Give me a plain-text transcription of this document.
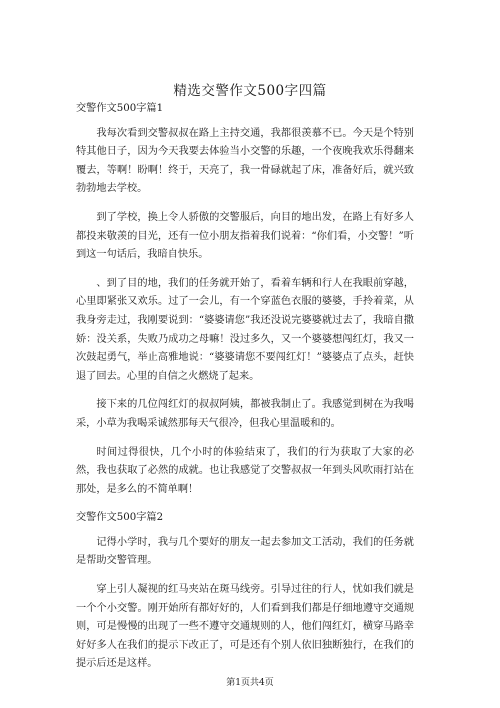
精选交警作文500字四篇
交警作文500字篇1

我每次看到交警叔叔在路上主持交通，我都很羡慕不已。今天是个特别特其他日子，因为今天我要去体验当小交警的乐趣，一个夜晚我欢乐得翻来覆去，等啊！盼啊！终于，天亮了，我一骨碌就起了床，准备好后，就兴致勃勃地去学校。

到了学校，换上令人骄傲的交警服后，向目的地出发，在路上有好多人都投来敬羡的目光，还有一位小朋友指着我们说着：“你们看，小交警！”听到这一句话后，我暗自快乐。

、到了目的地，我们的任务就开始了，看着车辆和行人在我眼前穿越，心里即紧张又欢乐。过了一会儿，有一个穿蓝色衣服的婆婆，手拎着菜，从我身旁走过，我刚要说到：“婆婆请您”我还没说完婆婆就过去了，我暗自撒娇：没关系，失败乃成功之母嘛！没过多久，又一个婆婆想闯红灯，我又一次鼓起勇气，举止高雅地说：“婆婆请您不要闯红灯！”婆婆点了点头，赶快退了回去。心里的自信之火燃烧了起来。

接下来的几位闯红灯的叔叔阿姨，都被我制止了。我感觉到树在为我喝采，小草为我喝采诚然那每天气很冷，但我心里温暖和的。

时间过得很快，几个小时的体验结束了，我们的行为获取了大家的必然，我也获取了必然的成就。也让我感觉了交警叔叔一年到头风吹雨打站在那处，是多么的不简单啊！

交警作文500字篇2

记得小学时，我与几个要好的朋友一起去参加文工活动，我们的任务就是帮助交警管理。

穿上引人凝视的红马夹站在斑马线旁。引导过往的行人，忧如我们就是一个个小交警。刚开始所有都好好的，人们看到我们都是仔细地遵守交通规则，可是慢慢的出现了一些不遵守交通规则的人，他们闯红灯，横穿马路幸好好多人在我们的提示下改正了，可是还有个别人依旧独断独行，在我们的提示后还是这样。

第1页共4页
